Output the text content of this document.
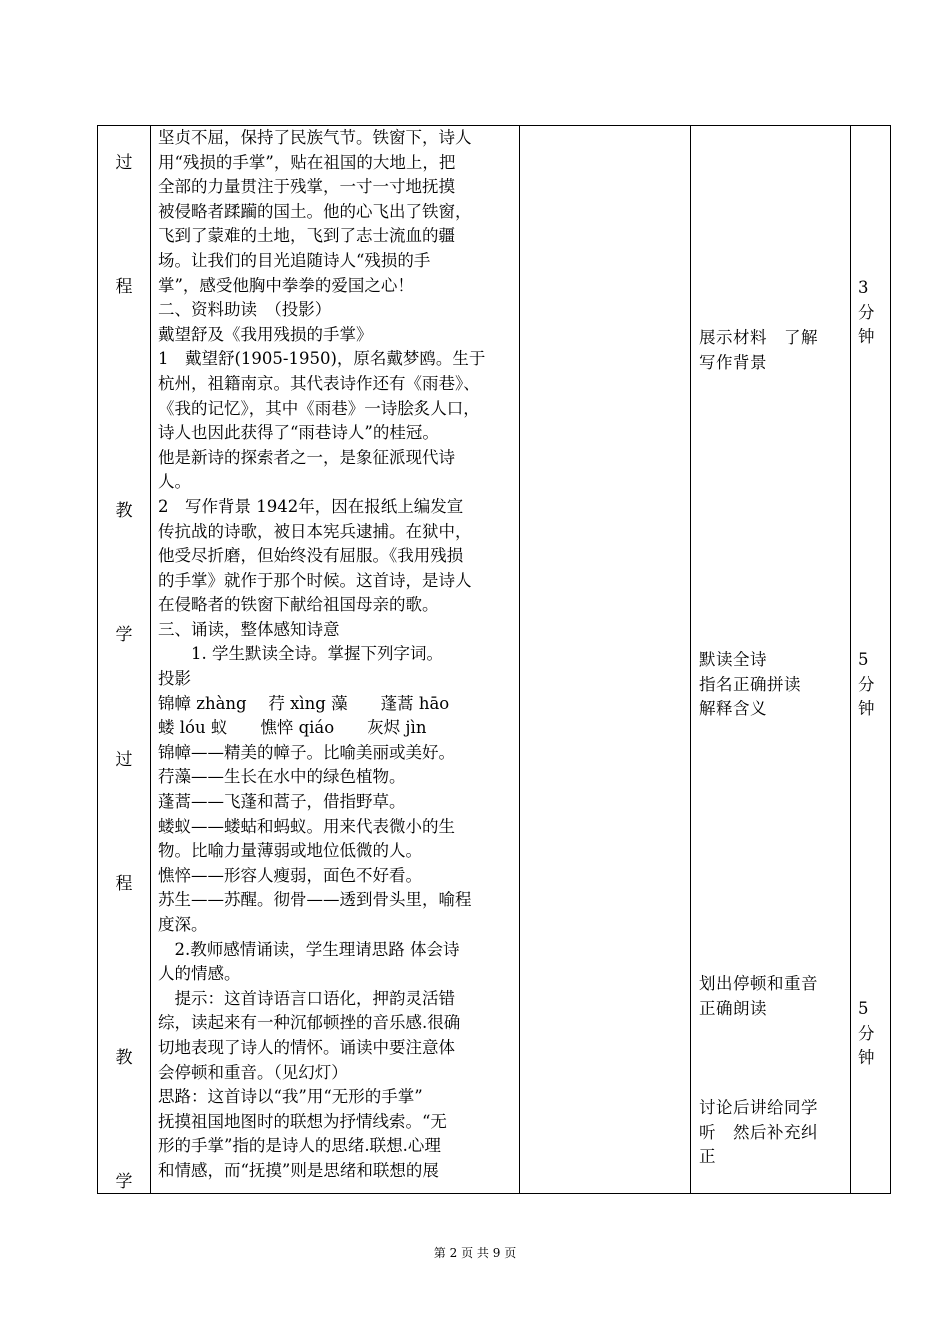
过
程
教
学
过
程
教
学
坚贞不屈，保持了民族气节。铁窗下，诗人
用“残损的手掌”，贴在祖国的大地上，把
全部的力量贯注于残掌，一寸一寸地抚摸
被侵略者蹂躏的国土。他的心飞出了铁窗，
飞到了蒙难的土地，飞到了志士流血的疆
场。让我们的目光追随诗人“残损的手
掌”，感受他胸中拳拳的爱国之心！
二、资料助读　（投影）
戴望舒及《我用残损的手掌》
1　戴望舒(1905-1950)，原名戴梦鸥。生于
杭州，祖籍南京。其代表诗作还有《雨巷》、
《我的记忆》，其中《雨巷》一诗脍炙人口，
诗人也因此获得了“雨巷诗人”的桂冠。
他是新诗的探索者之一，是象征派现代诗
人。
2　写作背景 1942年，因在报纸上编发宣
传抗战的诗歌，被日本宪兵逮捕。在狱中，
他受尽折磨，但始终没有屈服。《我用残损
的手掌》就作于那个时候。这首诗，是诗人
在侵略者的铁窗下献给祖国母亲的歌。
三、诵读，整体感知诗意
　　1. 学生默读全诗。掌握下列字词。
投影
锦幛 zhàng　 荇 xìng 藻　　蓬蒿 hāo
蝼 lóu 蚁　　憔悴 qiáo　　灰烬 jìn
锦幛——精美的幛子。比喻美丽或美好。
荇藻——生长在水中的绿色植物。
蓬蒿——飞蓬和蒿子，借指野草。
蝼蚁——蝼蛄和蚂蚁。用来代表微小的生
物。比喻力量薄弱或地位低微的人。
憔悴——形容人瘦弱，面色不好看。
苏生——苏醒。彻骨——透到骨头里，喻程
度深。
　2.教师感情诵读，学生理请思路 体会诗
人的情感。
　提示：这首诗语言口语化，押韵灵活错
综，读起来有一种沉郁顿挫的音乐感.很确
切地表现了诗人的情怀。诵读中要注意体
会停顿和重音。（见幻灯）
思路：这首诗以“我”用“无形的手掌”
抚摸祖国地图时的联想为抒情线索。“无
形的手掌”指的是诗人的思绪.联想.心理
和情感，而“抚摸”则是思绪和联想的展
展示材料　了解
写作背景
默读全诗
指名正确拼读
解释含义
划出停顿和重音
正确朗读
讨论后讲给同学
听　然后补充纠
正
3
分
钟
5
分
钟
5
分
钟
第 2 页 共 9 页
